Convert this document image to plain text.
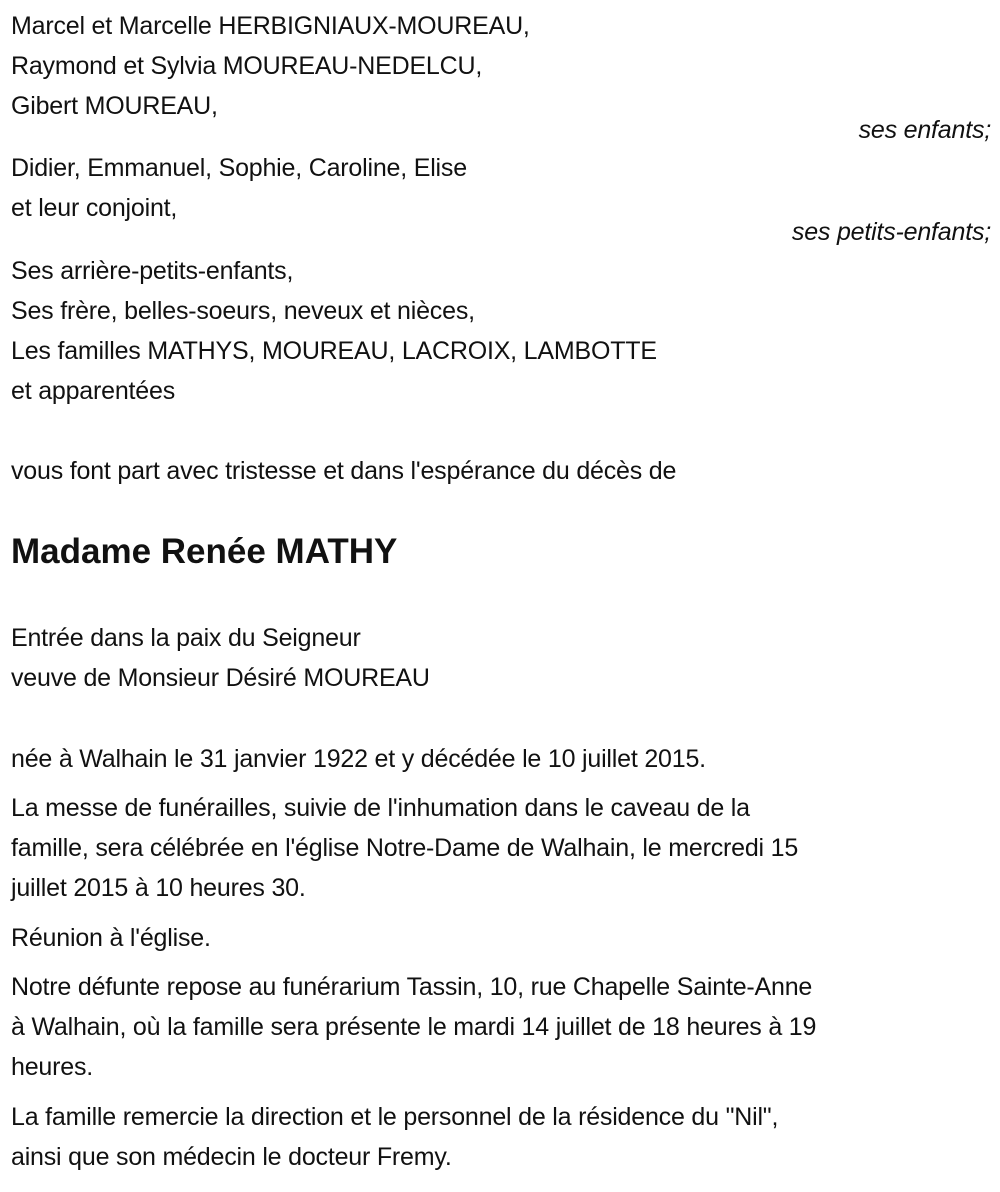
Marcel et Marcelle HERBIGNIAUX-MOUREAU,
Raymond et Sylvia MOUREAU-NEDELCU,
Gibert MOUREAU,
ses enfants;
Didier, Emmanuel, Sophie, Caroline, Elise
et leur conjoint,
ses petits-enfants;
Ses arrière-petits-enfants,
Ses frère, belles-soeurs, neveux et nièces,
Les familles MATHYS, MOUREAU, LACROIX, LAMBOTTE
et apparentées
vous font part avec tristesse et dans l'espérance du décès de
Madame Renée MATHY
Entrée dans la paix du Seigneur
veuve de Monsieur Désiré MOUREAU
née à Walhain le 31 janvier 1922 et y décédée le 10 juillet 2015.
La messe de funérailles, suivie de l'inhumation dans le caveau de la
famille, sera célébrée en l'église Notre-Dame de Walhain, le mercredi 15
juillet 2015 à 10 heures 30.
Réunion à l'église.
Notre défunte repose au funérarium Tassin, 10, rue Chapelle Sainte-Anne
à Walhain, où la famille sera présente le mardi 14 juillet de 18 heures à 19
heures.
La famille remercie la direction et le personnel de la résidence du "Nil",
ainsi que son médecin le docteur Fremy.
